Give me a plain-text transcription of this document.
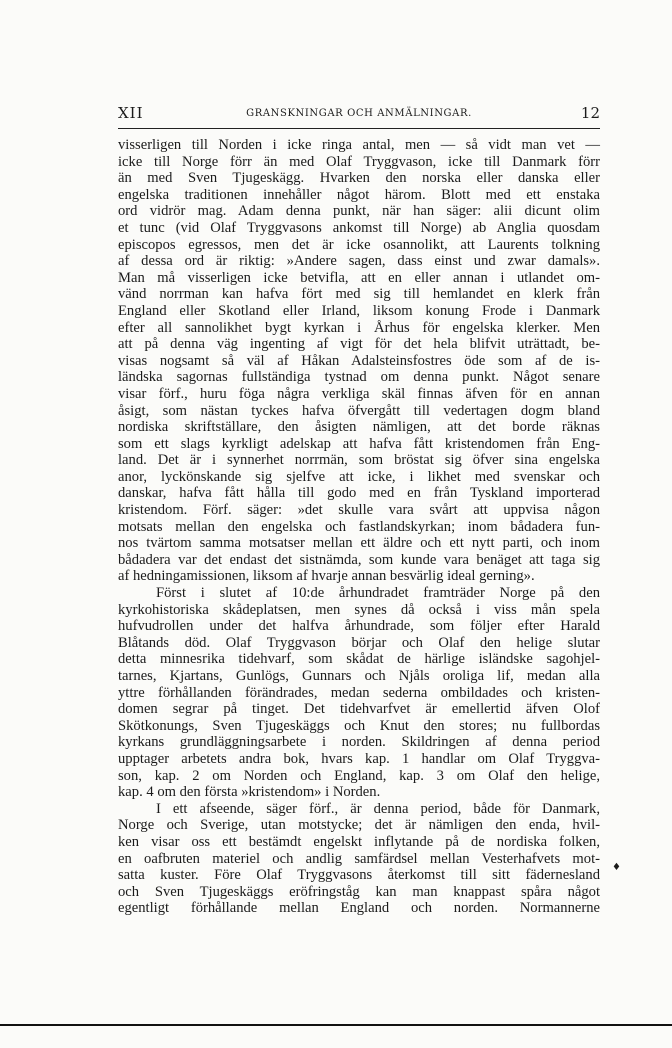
XII	GRANSKNINGAR OCH ANMÄLNINGAR.	12
visserligen till Norden i icke ringa antal, men — så vidt man vet —
icke till Norge förr än med Olaf Tryggvason, icke till Danmark förr
än med Sven Tjugeskägg. Hvarken den norska eller danska eller
engelska traditionen innehåller något härom. Blott med ett enstaka
ord vidrör mag. Adam denna punkt, när han säger: alii dicunt olim
et tunc (vid Olaf Tryggvasons ankomst till Norge) ab Anglia quosdam
episcopos egressos, men det är icke osannolikt, att Laurents tolkning
af dessa ord är riktig: »Andere sagen, dass einst und zwar damals».
Man må visserligen icke betvifla, att en eller annan i utlandet om-
vänd norrman kan hafva fört med sig till hemlandet en klerk från
England eller Skotland eller Irland, liksom konung Frode i Danmark
efter all sannolikhet bygt kyrkan i Århus för engelska klerker. Men
att på denna väg ingenting af vigt för det hela blifvit uträttadt, be-
visas nogsamt så väl af Håkan Adalsteinsfostres öde som af de is-
ländska sagornas fullständiga tystnad om denna punkt. Något senare
visar förf., huru föga några verkliga skäl finnas äfven för en annan
åsigt, som nästan tyckes hafva öfvergått till vedertagen dogm bland
nordiska skriftställare, den åsigten nämligen, att det borde räknas
som ett slags kyrkligt adelskap att hafva fått kristendomen från Eng-
land. Det är i synnerhet norrmän, som bröstat sig öfver sina engelska
anor, lyckönskande sig sjelfve att icke, i likhet med svenskar och
danskar, hafva fått hålla till godo med en från Tyskland importerad
kristendom. Förf. säger: »det skulle vara svårt att uppvisa någon
motsats mellan den engelska och fastlandskyrkan; inom bådadera fun-
nos tvärtom samma motsatser mellan ett äldre och ett nytt parti, och inom
bådadera var det endast det sistnämda, som kunde vara benäget att taga sig
af hedningamissionen, liksom af hvarje annan besvärlig ideal gerning».
Först i slutet af 10:de århundradet framträder Norge på den
kyrkohistoriska skådeplatsen, men synes då också i viss mån spela
hufvudrollen under det halfva århundrade, som följer efter Harald
Blåtands död. Olaf Tryggvason börjar och Olaf den helige slutar
detta minnesrika tidehvarf, som skådat de härlige isländske sagohjel-
tarnes, Kjartans, Gunlögs, Gunnars och Njåls oroliga lif, medan alla
yttre förhållanden förändrades, medan sederna ombildades och kristen-
domen segrar på tinget. Det tidehvarfvet är emellertid äfven Olof
Skötkonungs, Sven Tjugeskäggs och Knut den stores; nu fullbordas
kyrkans grundläggningsarbete i norden. Skildringen af denna period
upptager arbetets andra bok, hvars kap. 1 handlar om Olaf Tryggva-
son, kap. 2 om Norden och England, kap. 3 om Olaf den helige,
kap. 4 om den första »kristendom» i Norden.
I ett afseende, säger förf., är denna period, både för Danmark,
Norge och Sverige, utan motstycke; det är nämligen den enda, hvil-
ken visar oss ett bestämdt engelskt inflytande på de nordiska folken,
en oafbruten materiel och andlig samfärdsel mellan Vesterhafvets mot-
satta kuster. Före Olaf Tryggvasons återkomst till sitt fädernesland
och Sven Tjugeskäggs eröfringståg kan man knappast spåra något
egentligt förhållande mellan England och norden. Normannerne
♦
